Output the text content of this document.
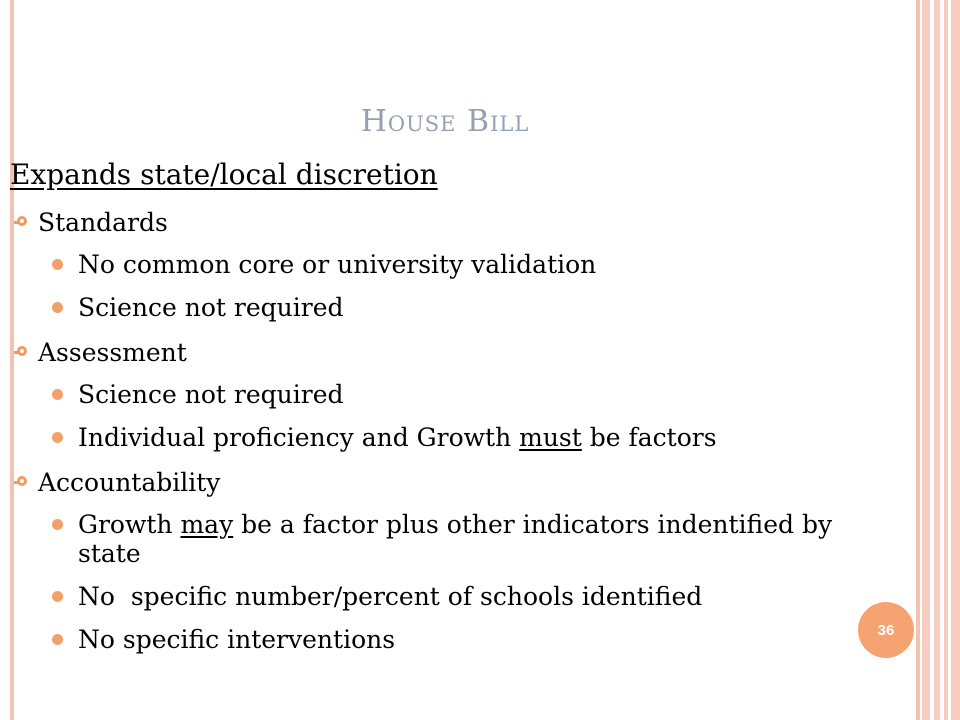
House Bill
Expands state/local discretion
Standards
No common core or university validation
Science not required
Assessment
Science not required
Individual proficiency and Growth must be factors
Accountability
Growth may be a factor plus other indicators indentified by state
No  specific number/percent of schools identified
No specific interventions	36
